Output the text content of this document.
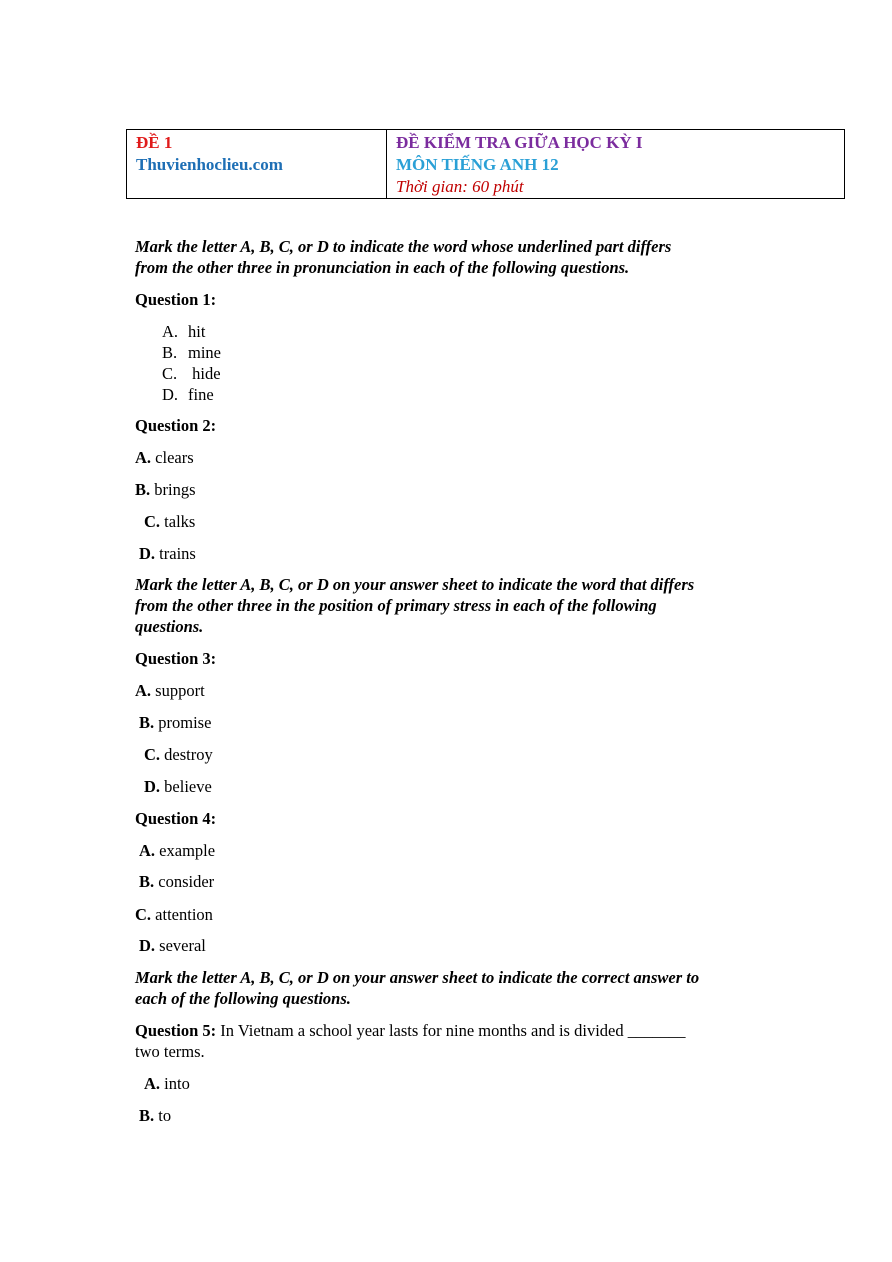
ĐỀ 1
Thuvienhoclieu.com

ĐỀ KIỂM TRA GIỮA HỌC KỲ I
MÔN TIẾNG ANH 12
Thời gian: 60 phút
Mark the letter A, B, C, or D to indicate the word whose underlined part differs
from the other three in pronunciation in each of the following questions.
Question 1:
A. hit
B. mine
C. hide
D. fine
Question 2:
A. clears
B. brings
C. talks
D. trains
Mark the letter A, B, C, or D on your answer sheet to indicate the word that differs
from the other three in the position of primary stress in each of the following
questions.
Question 3:
A. support
B. promise
C. destroy
D. believe
Question 4:
A. example
B. consider
C. attention
D. several
Mark the letter A, B, C, or D on your answer sheet to indicate the correct answer to
each of the following questions.
Question 5: In Vietnam a school year lasts for nine months and is divided _______
two terms.
A. into
B. to
